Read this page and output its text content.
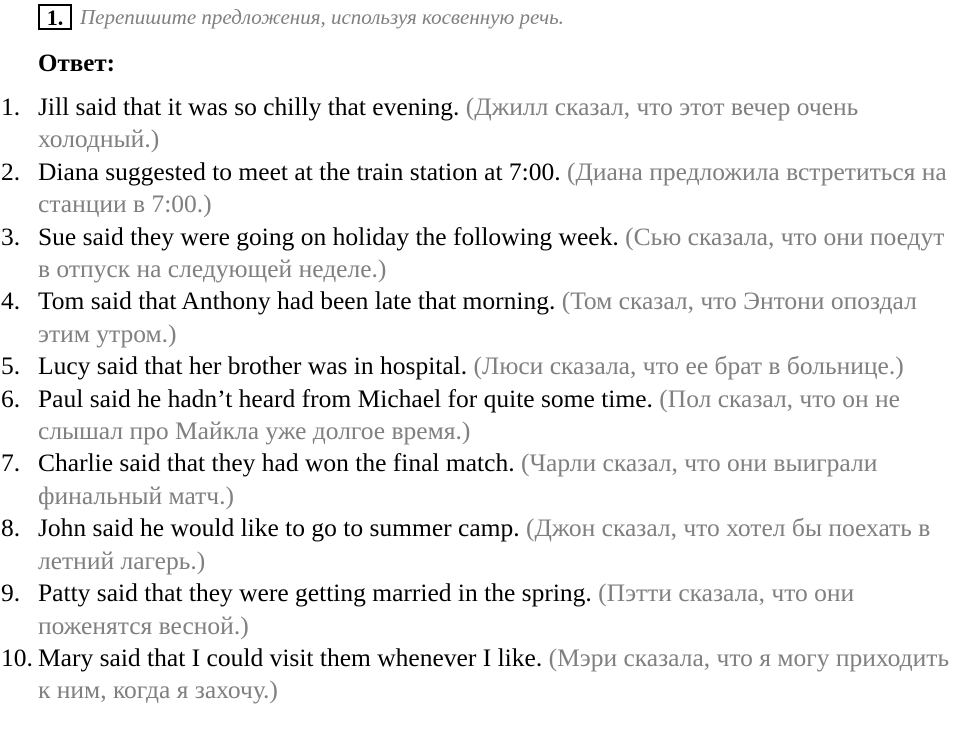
1. Перепишите предложения, используя косвенную речь.
Ответ:
1. Jill said that it was so chilly that evening. (Джилл сказал, что этот вечер очень холодный.)
2. Diana suggested to meet at the train station at 7:00. (Диана предложила встретиться на станции в 7:00.)
3. Sue said they were going on holiday the following week. (Сью сказала, что они поедут в отпуск на следующей неделе.)
4. Tom said that Anthony had been late that morning. (Том сказал, что Энтони опоздал этим утром.)
5. Lucy said that her brother was in hospital. (Люси сказала, что ее брат в больнице.)
6. Paul said he hadn’t heard from Michael for quite some time. (Пол сказал, что он не слышал про Майкла уже долгое время.)
7. Charlie said that they had won the final match. (Чарли сказал, что они выиграли финальный матч.)
8. John said he would like to go to summer camp. (Джон сказал, что хотел бы поехать в летний лагерь.)
9. Patty said that they were getting married in the spring. (Пэтти сказала, что они поженятся весной.)
10. Mary said that I could visit them whenever I like. (Мэри сказала, что я могу приходить к ним, когда я захочу.)
